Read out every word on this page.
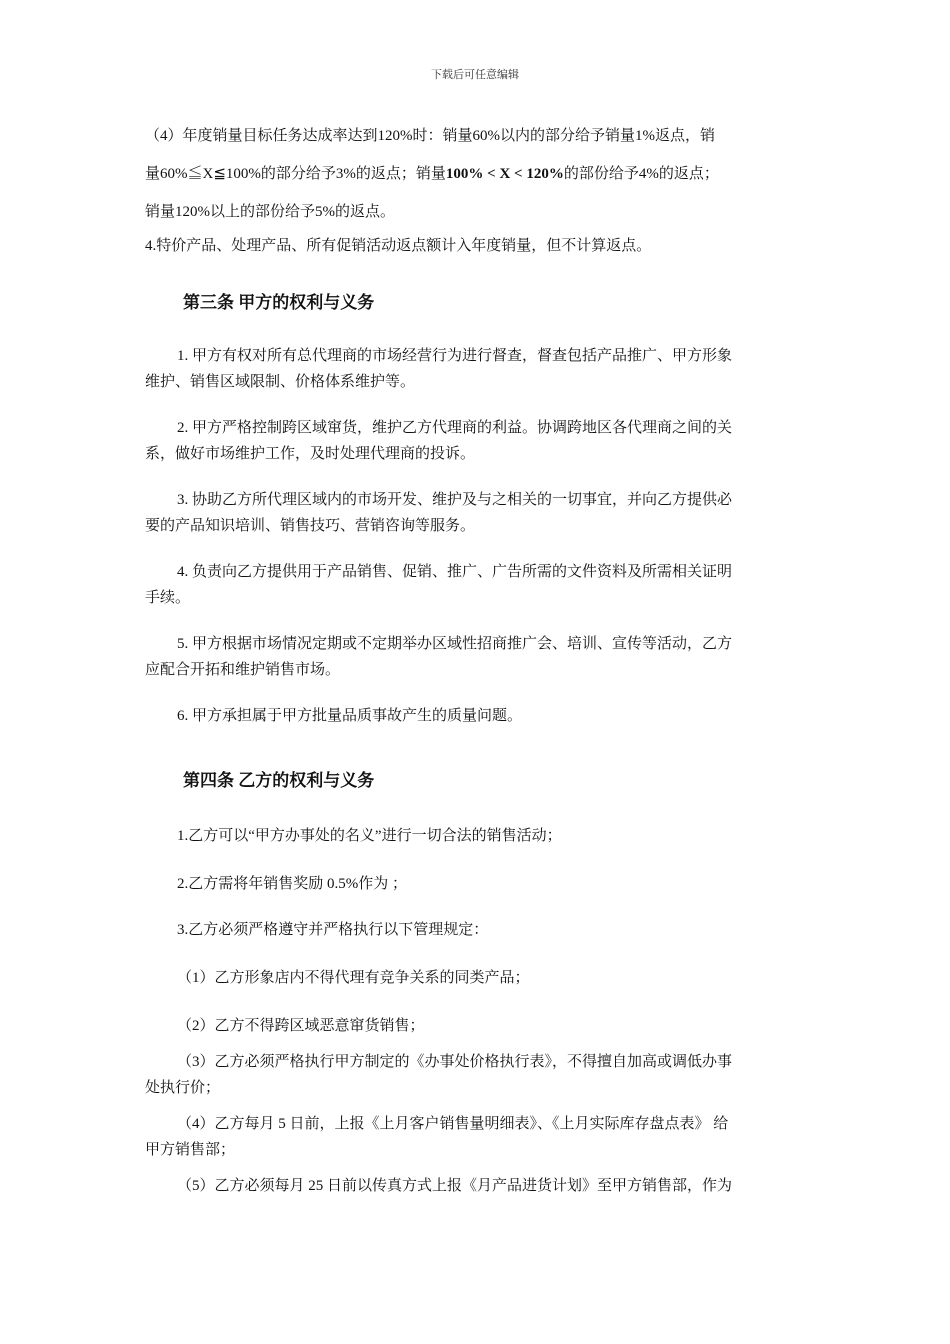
下载后可任意编辑
（4）年度销量目标任务达成率达到120%时：销量60%以内的部分给予销量1%返点，销
量60%≦X≦100%的部分给予3%的返点；销量100% < X < 120%的部份给予4%的返点；
销量120%以上的部份给予5%的返点。
4.特价产品、处理产品、所有促销活动返点额计入年度销量，但不计算返点。
第三条 甲方的权利与义务
1. 甲方有权对所有总代理商的市场经营行为进行督查，督查包括产品推广、甲方形象
维护、销售区域限制、价格体系维护等。
2. 甲方严格控制跨区域窜货，维护乙方代理商的利益。协调跨地区各代理商之间的关
系，做好市场维护工作，及时处理代理商的投诉。
3. 协助乙方所代理区域内的市场开发、维护及与之相关的一切事宜，并向乙方提供必
要的产品知识培训、销售技巧、营销咨询等服务。
4. 负责向乙方提供用于产品销售、促销、推广、广告所需的文件资料及所需相关证明
手续。
5. 甲方根据市场情况定期或不定期举办区域性招商推广会、培训、宣传等活动，乙方
应配合开拓和维护销售市场。
6. 甲方承担属于甲方批量品质事故产生的质量问题。
第四条 乙方的权利与义务
1.乙方可以“甲方办事处的名义”进行一切合法的销售活动；
2.乙方需将年销售奖励 0.5%作为 ；
3.乙方必须严格遵守并严格执行以下管理规定：
（1）乙方形象店内不得代理有竞争关系的同类产品；
（2）乙方不得跨区域恶意窜货销售；
（3）乙方必须严格执行甲方制定的《办事处价格执行表》，不得擅自加高或调低办事
处执行价；
（4）乙方每月 5 日前，上报《上月客户销售量明细表》、《上月实际库存盘点表》 给
甲方销售部；
（5）乙方必须每月 25 日前以传真方式上报《月产品进货计划》至甲方销售部，作为
